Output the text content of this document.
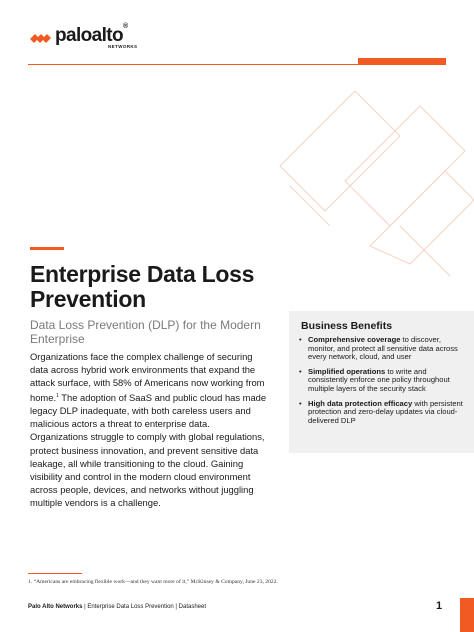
paloalto®
NETWORKS
Enterprise Data Loss Prevention

Data Loss Prevention (DLP) for the Modern Enterprise

Organizations face the complex challenge of securing data across hybrid work environments that expand the attack surface, with 58% of Americans now working from home.$^1$ The adoption of SaaS and public cloud has made legacy DLP inadequate, with both careless users and malicious actors a threat to enterprise data. Organizations struggle to comply with global regulations, protect business innovation, and prevent sensitive data leakage, all while transitioning to the cloud. Gaining visibility and control in the modern cloud environment across people, devices, and networks without juggling multiple vendors is a challenge.

Business Benefits
• Comprehensive coverage to discover, monitor, and protect all sensitive data across every network, cloud, and user
• Simplified operations to write and consistently enforce one policy throughout multiple layers of the security stack
• High data protection efficacy with persistent protection and zero-delay updates via cloud-delivered DLP
1. “Americans are embracing flexible work—and they want more of it,” McKinsey & Company, June 23, 2022.
Palo Alto Networks | Enterprise Data Loss Prevention | Datasheet	1
